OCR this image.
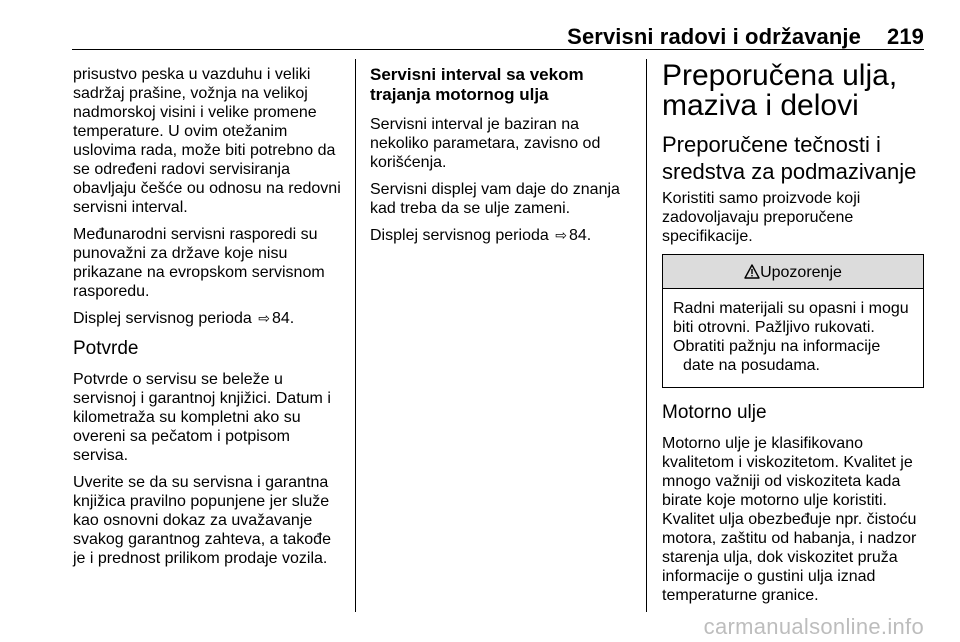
Servisni radovi i održavanje 219

prisustvo peska u vazduhu i veliki sadržaj prašine, vožnja na velikoj nadmorskoj visini i velike promene temperature. U ovim otežanim uslovima rada, može biti potrebno da se određeni radovi servisiranja obavljaju češće ou odnosu na redovni servisni interval.

Međunarodni servisni rasporedi su punovažni za države koje nisu prikazane na evropskom servisnom rasporedu.

Displej servisnog perioda ⇨ 84.

Potvrde

Potvrde o servisu se beleže u servisnoj i garantnoj knjižici. Datum i kilometraža su kompletni ako su overeni sa pečatom i potpisom servisa.

Uverite se da su servisna i garantna knjižica pravilno popunjene jer služe kao osnovni dokaz za uvažavanje svakog garantnog zahteva, a takođe je i prednost prilikom prodaje vozila.

Servisni interval sa vekom trajanja motornog ulja

Servisni interval je baziran na nekoliko parametara, zavisno od korišćenja.

Servisni displej vam daje do znanja kad treba da se ulje zameni.

Displej servisnog perioda ⇨ 84.

Preporučena ulja, maziva i delovi
Preporučene tečnosti i sredstva za podmazivanje

Koristiti samo proizvode koji zadovoljavaju preporučene specifikacije.

Upozorenje

Radni materijali su opasni i mogu biti otrovni. Pažljivo rukovati.

Obratiti pažnju na informacije date na posudama.

Motorno ulje

Motorno ulje je klasifikovano kvalitetom i viskozitetom. Kvalitet je mnogo važniji od viskoziteta kada birate koje motorno ulje koristiti. Kvalitet ulja obezbeđuje npr. čistoću motora, zaštitu od habanja, i nadzor starenja ulja, dok viskozitet pruža informacije o gustini ulja iznad temperaturne granice.

carmanualsonline.info
